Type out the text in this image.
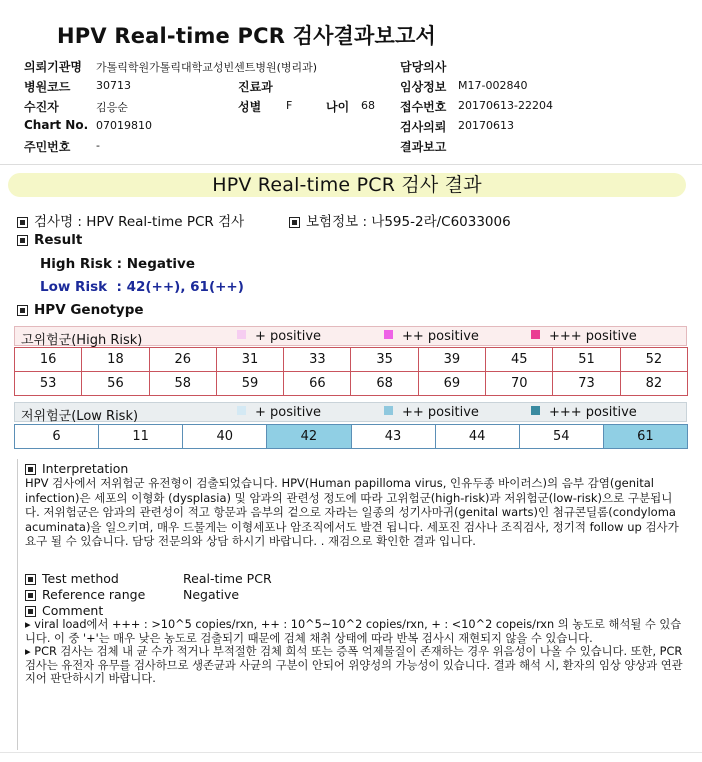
HPV Real-time PCR 검사결과보고서
의뢰기관명 가톨릭학원가톨릭대학교성빈센트병원(병리과)	담당의사
병원코드 30713	진료과	임상정보 M17-002840
수진자	김응순	성별 F	나이 68 접수번호 20170613-22204
Chart No. 07019810	검사의뢰 20170613
주민번호 -	결과보고
HPV Real-time PCR 검사 결과
검사명 : HPV Real-time PCR 검사	보험정보 : 나595-2라/C6033006
Result
High Risk : Negative
Low Risk  : 42(++), 61(++)
HPV Genotype
고위험군(High Risk)	+ positive	++ positive	+++ positive
16	18	26	31	33	35	39	45	51	52
53	56	58	59	66	68	69	70	73	82
저위험군(Low Risk)	+ positive	++ positive	+++ positive
6	11	40	42	43	44	54	61
Interpretation
HPV 검사에서 저위험군 유전형이 검출되었습니다. HPV(Human papilloma virus, 인유두종 바이러스)의 음부 감염(genital infection)은 세포의 이형화 (dysplasia) 및 암과의 관련성 정도에 따라 고위험군(high-risk)과 저위험군(low-risk)으로 구분됩니다. 저위험군은 암과의 관련성이 적고 항문과 음부의 겉으로 자라는 일종의 성기사마귀(genital warts)인 첨규콘딜롬(condyloma acuminata)을 일으키며, 매우 드물게는 이형세포나 암조직에서도 발견 됩니다. 세포진 검사나 조직검사, 정기적 follow up 검사가 요구 될 수 있습니다. 담당 전문의와 상담 하시기 바랍니다. . 재검으로 확인한 결과 입니다.
Test method	Real-time PCR
Reference range	Negative
Comment
▸ viral load에서 +++ : >10^5 copies/rxn, ++ : 10^5~10^2 copies/rxn, + : <10^2 copeis/rxn 의 농도로 해석될 수 있습니다. 이 중 '+'는 매우 낮은 농도로 검출되기 때문에 검체 채취 상태에 따라 반복 검사시 재현되지 않을 수 있습니다.
▸ PCR 검사는 검체 내 균 수가 적거나 부적절한 검체 희석 또는 증폭 억제물질이 존재하는 경우 위음성이 나올 수 있습니다. 또한, PCR 검사는 유전자 유무를 검사하므로 생존균과 사균의 구분이 안되어 위양성의 가능성이 있습니다. 결과 해석 시, 환자의 임상 양상과 연관지어 판단하시기 바랍니다.
